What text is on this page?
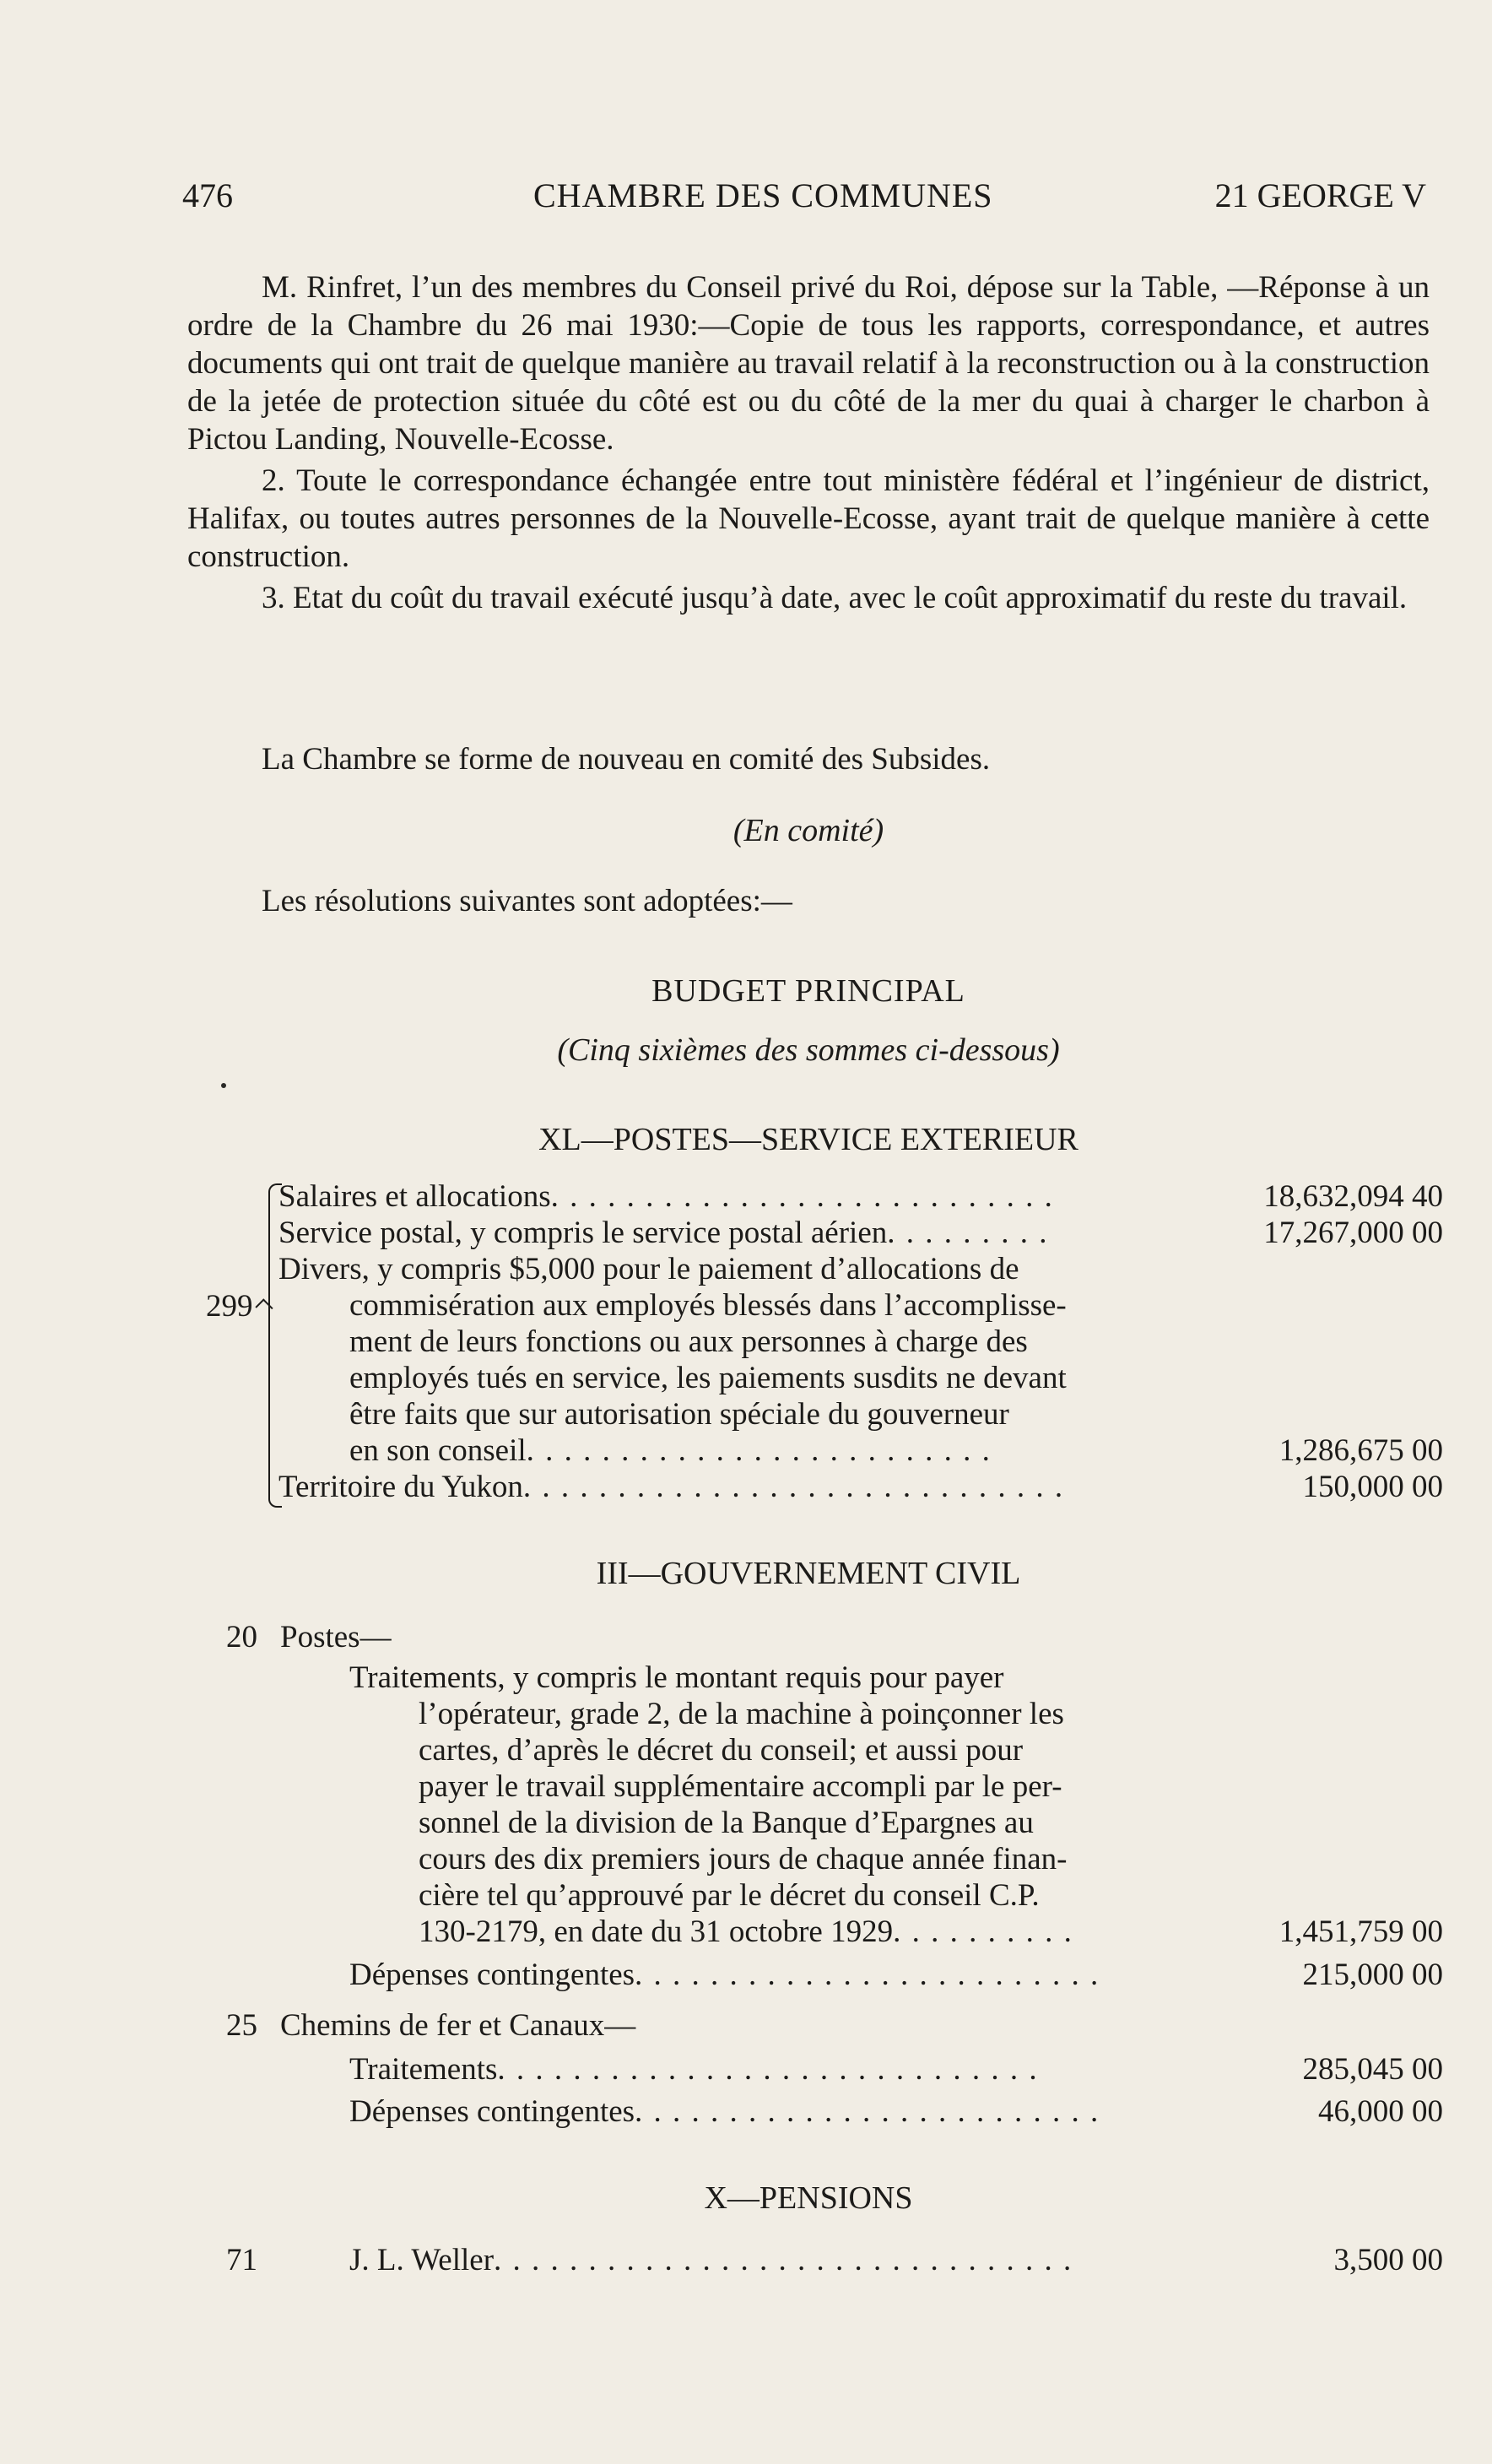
476	CHAMBRE DES COMMUNES	21 GEORGE V

M. Rinfret, l’un des membres du Conseil privé du Roi, dépose sur la Table, —Réponse à un ordre de la Chambre du 26 mai 1930:—Copie de tous les rapports, correspondance, et autres documents qui ont trait de quelque manière au travail relatif à la reconstruction ou à la construction de la jetée de protection située du côté est ou du côté de la mer du quai à charger le charbon à Pictou Landing, Nouvelle-Ecosse.

2. Toute le correspondance échangée entre tout ministère fédéral et l’ingénieur de district, Halifax, ou toutes autres personnes de la Nouvelle-Ecosse, ayant trait de quelque manière à cette construction.

3. Etat du coût du travail exécuté jusqu’à date, avec le coût approximatif du reste du travail.

La Chambre se forme de nouveau en comité des Subsides.
(En comité)
Les résolutions suivantes sont adoptées:—
BUDGET PRINCIPAL
(Cinq sixièmes des sommes ci-dessous)
XL—POSTES—SERVICE EXTERIEUR
299
Salaires et allocations. . . . . . . . . . . . . . . . . . . . . . . . . . .	18,632,094 40
Service postal, y compris le service postal aérien. . . . . . . . .	17,267,000 00
Divers, y compris $5,000 pour le paiement d’allocations de
commisération aux employés blessés dans l’accomplisse-
ment de leurs fonctions ou aux personnes à charge des
employés tués en service, les paiements susdits ne devant
être faits que sur autorisation spéciale du gouverneur
en son conseil. . . . . . . . . . . . . . . . . . . . . . . . .	1,286,675 00
Territoire du Yukon. . . . . . . . . . . . . . . . . . . . . . . . . . . . .	150,000 00
III—GOUVERNEMENT CIVIL
20 Postes—
Traitements, y compris le montant requis pour payer
l’opérateur, grade 2, de la machine à poinçonner les
cartes, d’après le décret du conseil; et aussi pour
payer le travail supplémentaire accompli par le per-
sonnel de la division de la Banque d’Epargnes au
cours des dix premiers jours de chaque année finan-
cière tel qu’approuvé par le décret du conseil C.P.
130-2179, en date du 31 octobre 1929. . . . . . . . . .	1,451,759 00
Dépenses contingentes. . . . . . . . . . . . . . . . . . . . . . . . .	215,000 00
25 Chemins de fer et Canaux—
Traitements. . . . . . . . . . . . . . . . . . . . . . . . . . . . .	285,045 00
Dépenses contingentes. . . . . . . . . . . . . . . . . . . . . . . . .	46,000 00
X—PENSIONS
71	J. L. Weller. . . . . . . . . . . . . . . . . . . . . . . . . . . . . . .	3,500 00
